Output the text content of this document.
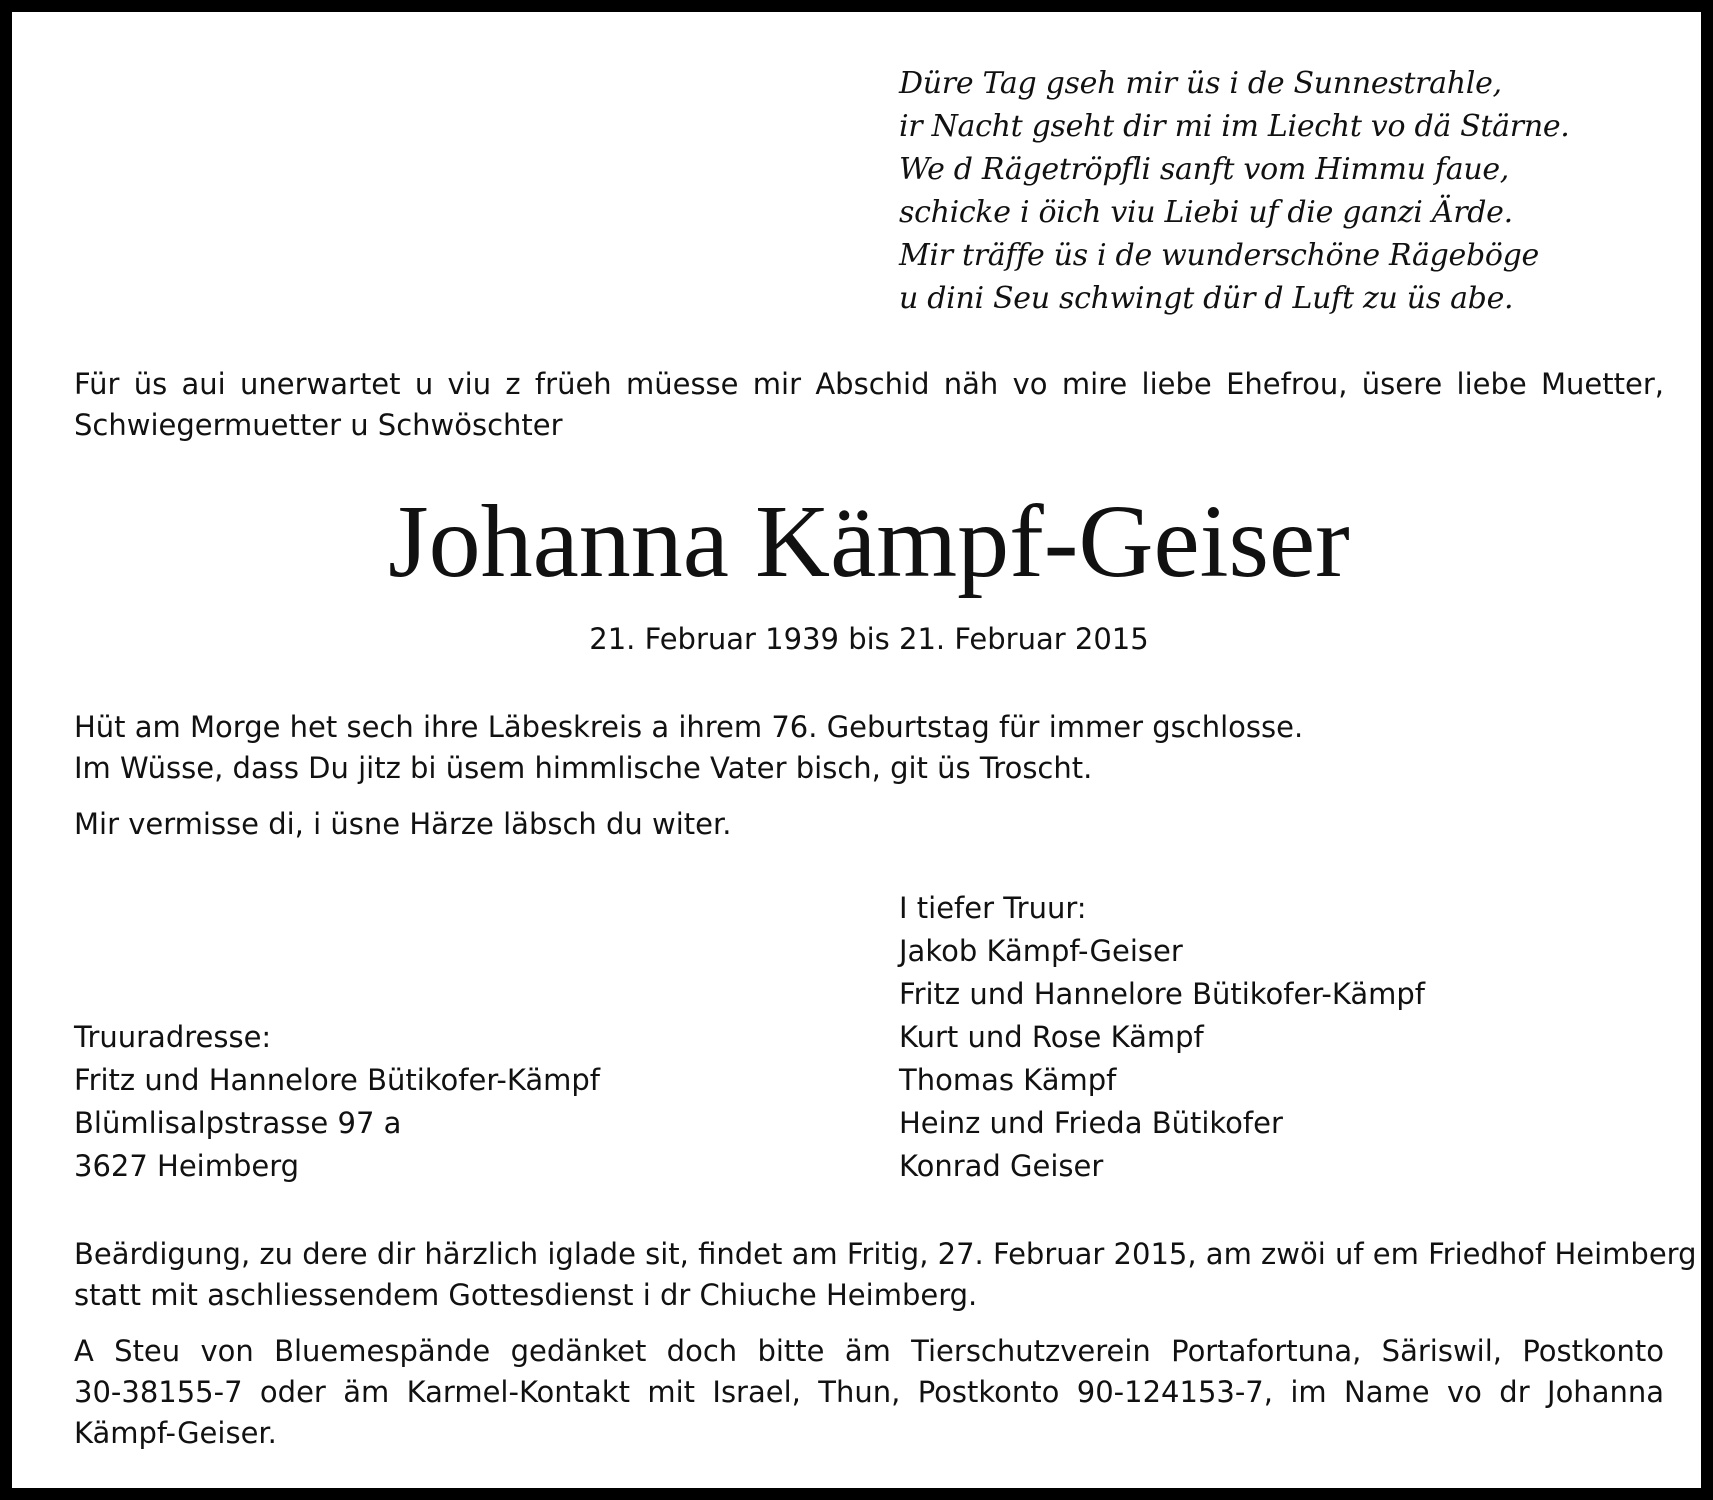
Düre Tag gseh mir üs i de Sunnestrahle,
ir Nacht gseht dir mi im Liecht vo dä Stärne.
We d Rägetröpfli sanft vom Himmu faue,
schicke i öich viu Liebi uf die ganzi Ärde.
Mir träffe üs i de wunderschöne Rägeböge
u dini Seu schwingt dür d Luft zu üs abe.
Für üs aui unerwartet u viu z früeh müesse mir Abschid näh vo mire liebe Ehefrou, üsere liebe Muetter,
Schwiegermuetter u Schwöschter
Johanna Kämpf-Geiser
21. Februar 1939 bis 21. Februar 2015
Hüt am Morge het sech ihre Läbeskreis a ihrem 76. Geburtstag für immer gschlosse.
Im Wüsse, dass Du jitz bi üsem himmlische Vater bisch, git üs Troscht.
Mir vermisse di, i üsne Härze läbsch du witer.
I tiefer Truur:
Jakob Kämpf-Geiser
Fritz und Hannelore Bütikofer-Kämpf
Kurt und Rose Kämpf
Thomas Kämpf
Heinz und Frieda Bütikofer
Konrad Geiser
Truuradresse:
Fritz und Hannelore Bütikofer-Kämpf
Blümlisalpstrasse 97 a
3627 Heimberg
Beärdigung, zu dere dir härzlich iglade sit, findet am Fritig, 27. Februar 2015, am zwöi uf em Friedhof Heimberg
statt mit aschliessendem Gottesdienst i dr Chiuche Heimberg.
A Steu von Bluemespände gedänket doch bitte äm Tierschutzverein Portafortuna, Säriswil, Postkonto
30-38155-7 oder äm Karmel-Kontakt mit Israel, Thun, Postkonto 90-124153-7, im Name vo dr Johanna
Kämpf-Geiser.
